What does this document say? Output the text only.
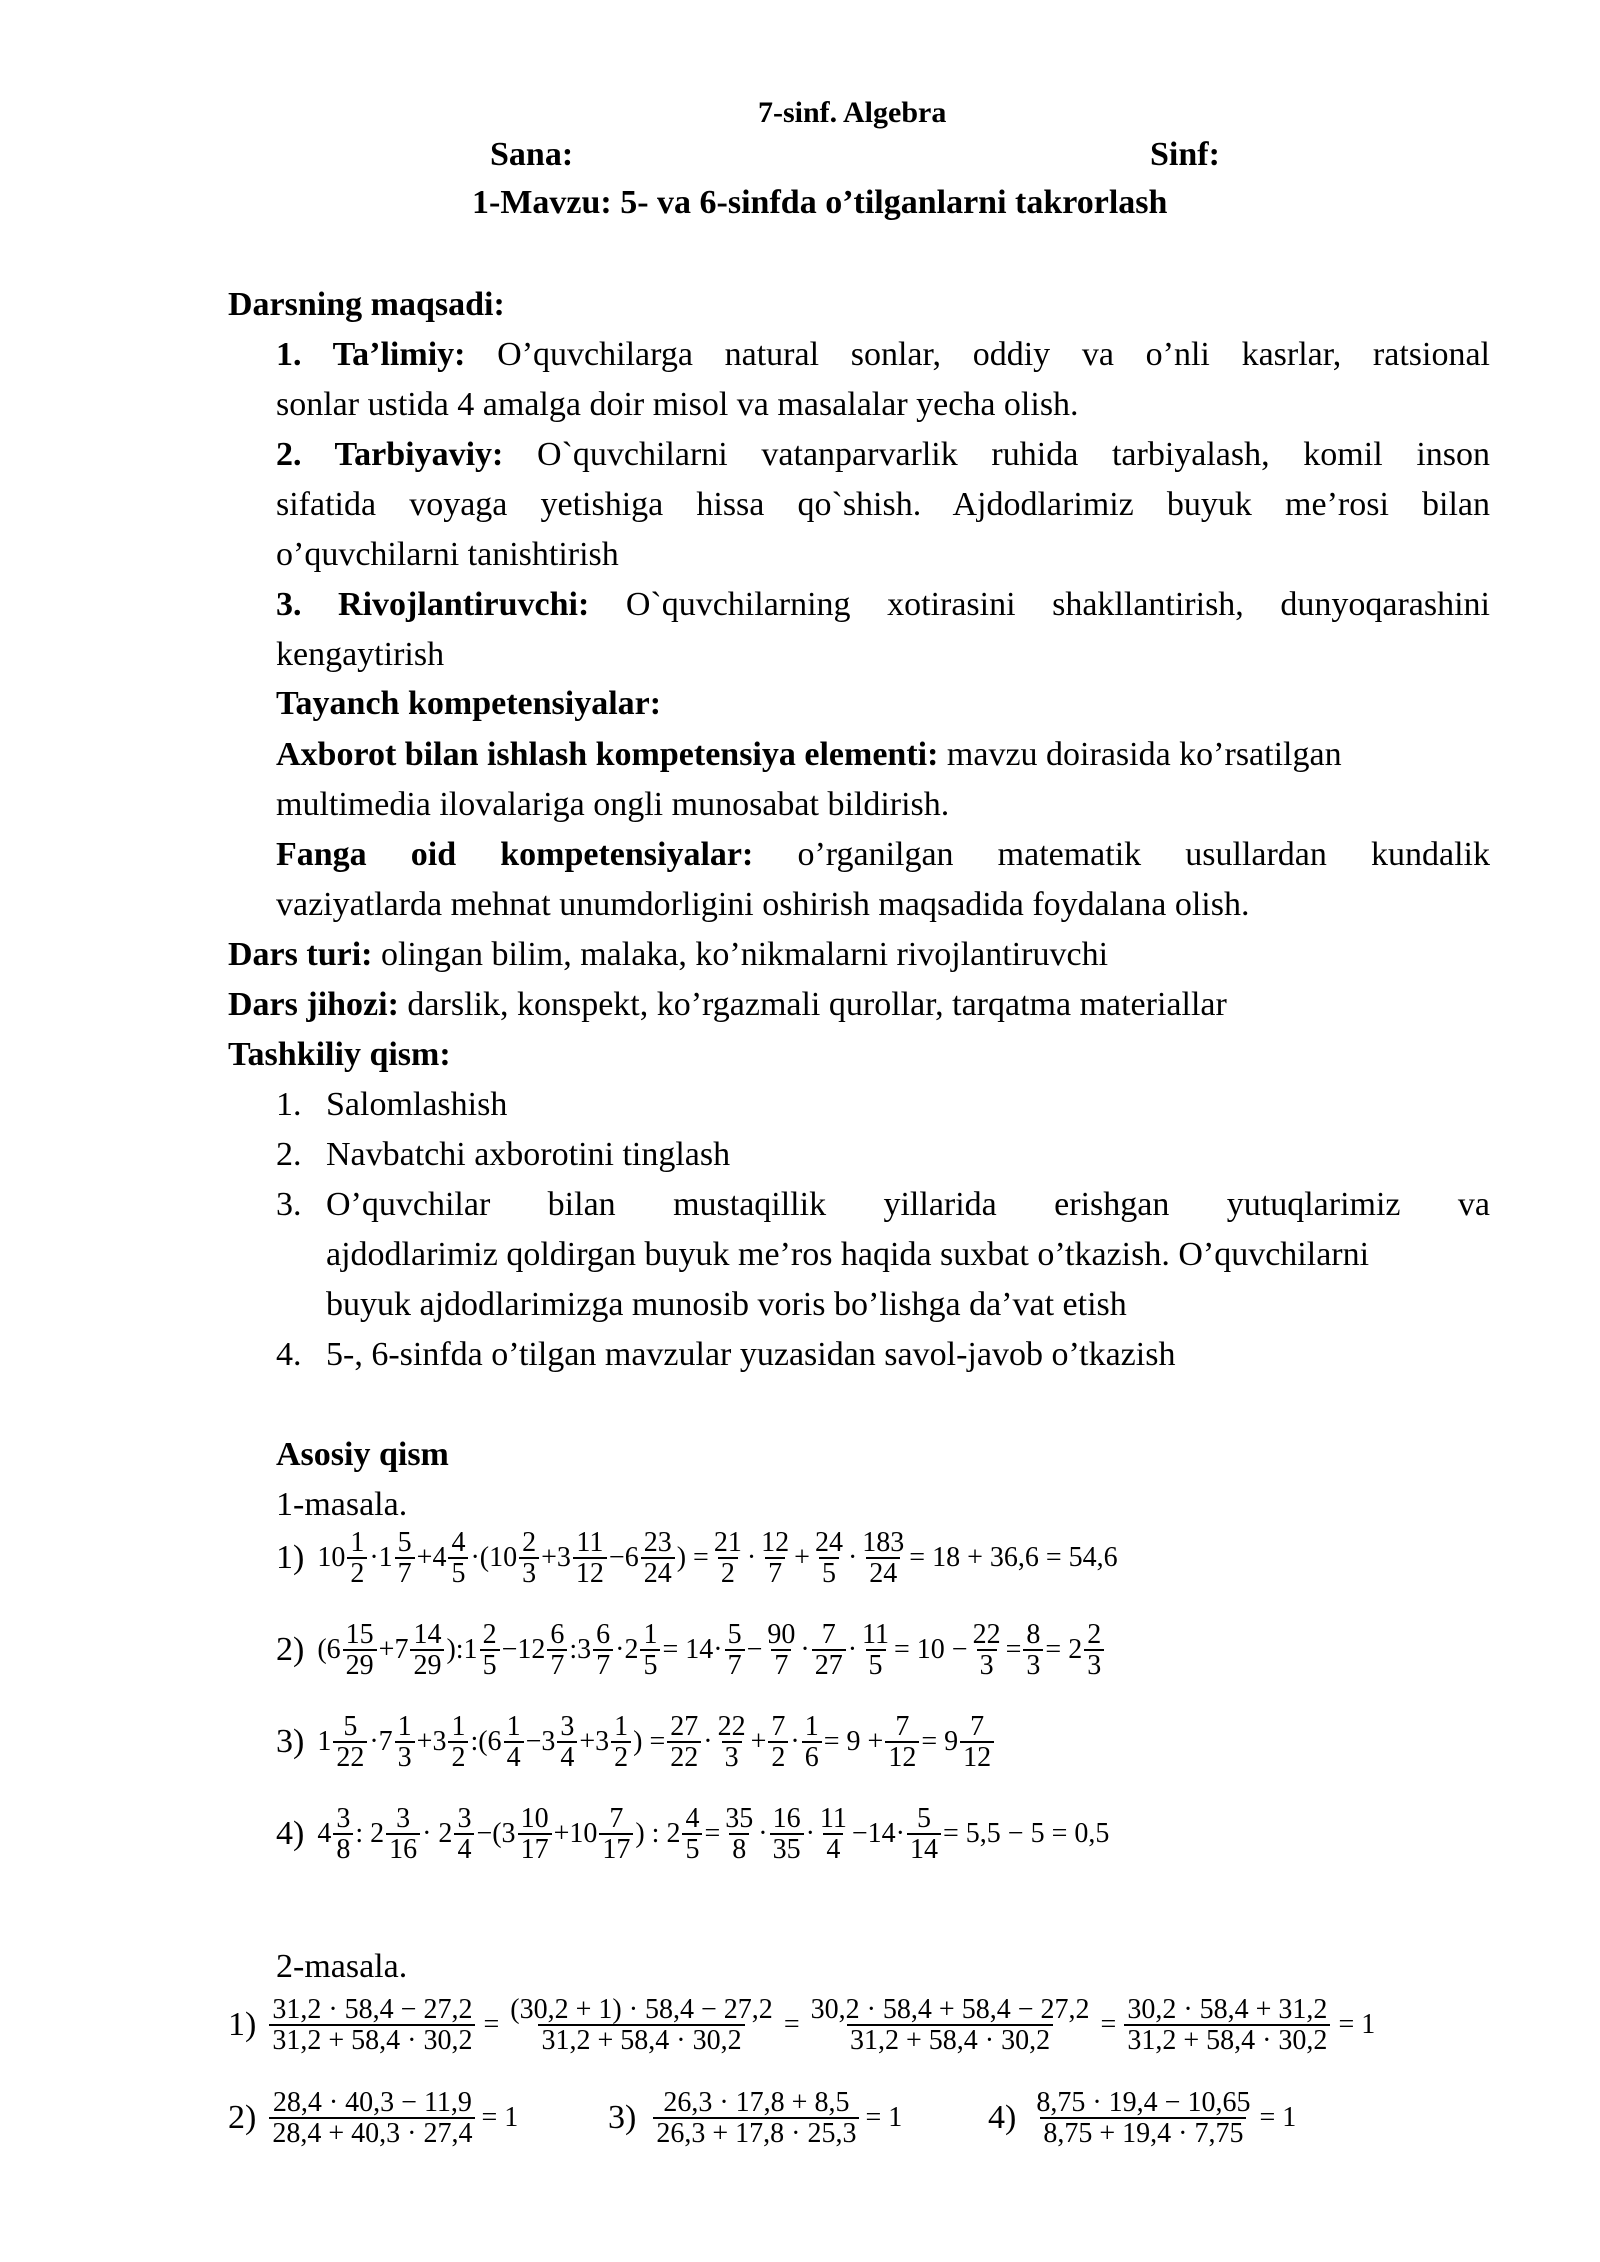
7-sinf. Algebra
Sana:	Sinf:
1-Mavzu: 5- va 6-sinfda o’tilganlarni takrorlash
Darsning maqsadi:
1. Ta’limiy: O’quvchilarga natural sonlar, oddiy va o’nli kasrlar, ratsional
sonlar ustida 4 amalga doir misol va masalalar yecha olish.
2. Tarbiyaviy: O`quvchilarni vatanparvarlik ruhida tarbiyalash, komil inson
sifatida voyaga yetishiga hissa qo`shish. Ajdodlarimiz buyuk me’rosi bilan
o’quvchilarni tanishtirish
3. Rivojlantiruvchi: O`quvchilarning xotirasini shakllantirish, dunyoqarashini
kengaytirish
Tayanch kompetensiyalar:
Axborot bilan ishlash kompetensiya elementi: mavzu doirasida ko’rsatilgan
multimedia ilovalariga ongli munosabat bildirish.
Fanga oid kompetensiyalar: o’rganilgan matematik usullardan kundalik
vaziyatlarda mehnat unumdorligini oshirish maqsadida foydalana olish.
Dars turi: olingan bilim, malaka, ko’nikmalarni rivojlantiruvchi
Dars jihozi: darslik, konspekt, ko’rgazmali qurollar, tarqatma materiallar
Tashkiliy qism:
1. Salomlashish
2. Navbatchi axborotini tinglash
3. O’quvchilar bilan mustaqillik yillarida erishgan yutuqlarimiz va
ajdodlarimiz qoldirgan buyuk me’ros haqida suxbat o’tkazish. O’quvchilarni
buyuk ajdodlarimizga munosib voris bo’lishga da’vat etish
4. 5-, 6-sinfda o’tilgan mavzular yuzasidan savol-javob o’tkazish
Asosiy qism
1-masala.
1) $10 \frac{1}{2} \cdot 1 \frac{5}{7} +4 \frac{4}{5} \cdot(10 \frac{2}{3} +3 \frac{11}{12} -6 \frac{23}{24}$ ) = $\frac{21}{2} \cdot \frac{12}{7} + \frac{24}{5} \cdot \frac{183}{24} = 18 + 36,6 = 54,6$
2) ($6 \frac{15}{29} +7 \frac{14}{29}$ ):1 $\frac{2}{5} -12 \frac{6}{7}$ :3 $\frac{6}{7} \cdot 2 \frac{1}{5} = 14\cdot \frac{5}{7} - \frac{90}{7} \cdot \frac{7}{27} \cdot \frac{11}{5} = 10 - \frac{22}{3} = \frac{8}{3} = 2 \frac{2}{3}$
3) $1 \frac{5}{22} \cdot 7 \frac{1}{3} +3 \frac{1}{2}$ :(6 $\frac{1}{4} -3 \frac{3}{4} +3 \frac{1}{2}$ ) = $\frac{27}{22} \cdot \frac{22}{3} + \frac{7}{2} \cdot \frac{1}{6} = 9 + \frac{7}{12} = 9 \frac{7}{12}$
4) $4 \frac{3}{8}$ : $2 \frac{3}{16} \cdot 2 \frac{3}{4} -(3 \frac{10}{17} +10 \frac{7}{17}$ ) : $2 \frac{4}{5} = \frac{35}{8} \cdot \frac{16}{35} \cdot \frac{11}{4} -14\cdot \frac{5}{14} = 5,5 - 5 = 0,5$
2-masala.
$1) \frac{31,2 \cdot 58,4 - 27,2}{31,2 + 58,4 \cdot 30,2} = \frac{(30,2 + 1) \cdot 58,4 - 27,2}{31,2 + 58,4 \cdot 30,2} = \frac{30,2 \cdot 58,4 + 58,4 - 27,2}{31,2 + 58,4 \cdot 30,2} = \frac{30,2 \cdot 58,4 + 31,2}{31,2 + 58,4 \cdot 30,2} = 1$
$2) \frac{28,4 \cdot 40,3 - 11,9}{28,4 + 40,3 \cdot 27,4} = 1$	$3) \frac{26,3 \cdot 17,8 + 8,5}{26,3 + 17,8 \cdot 25,3} = 1$	$4) \frac{8,75 \cdot 19,4 - 10,65}{8,75 + 19,4 \cdot 7,75} = 1$
